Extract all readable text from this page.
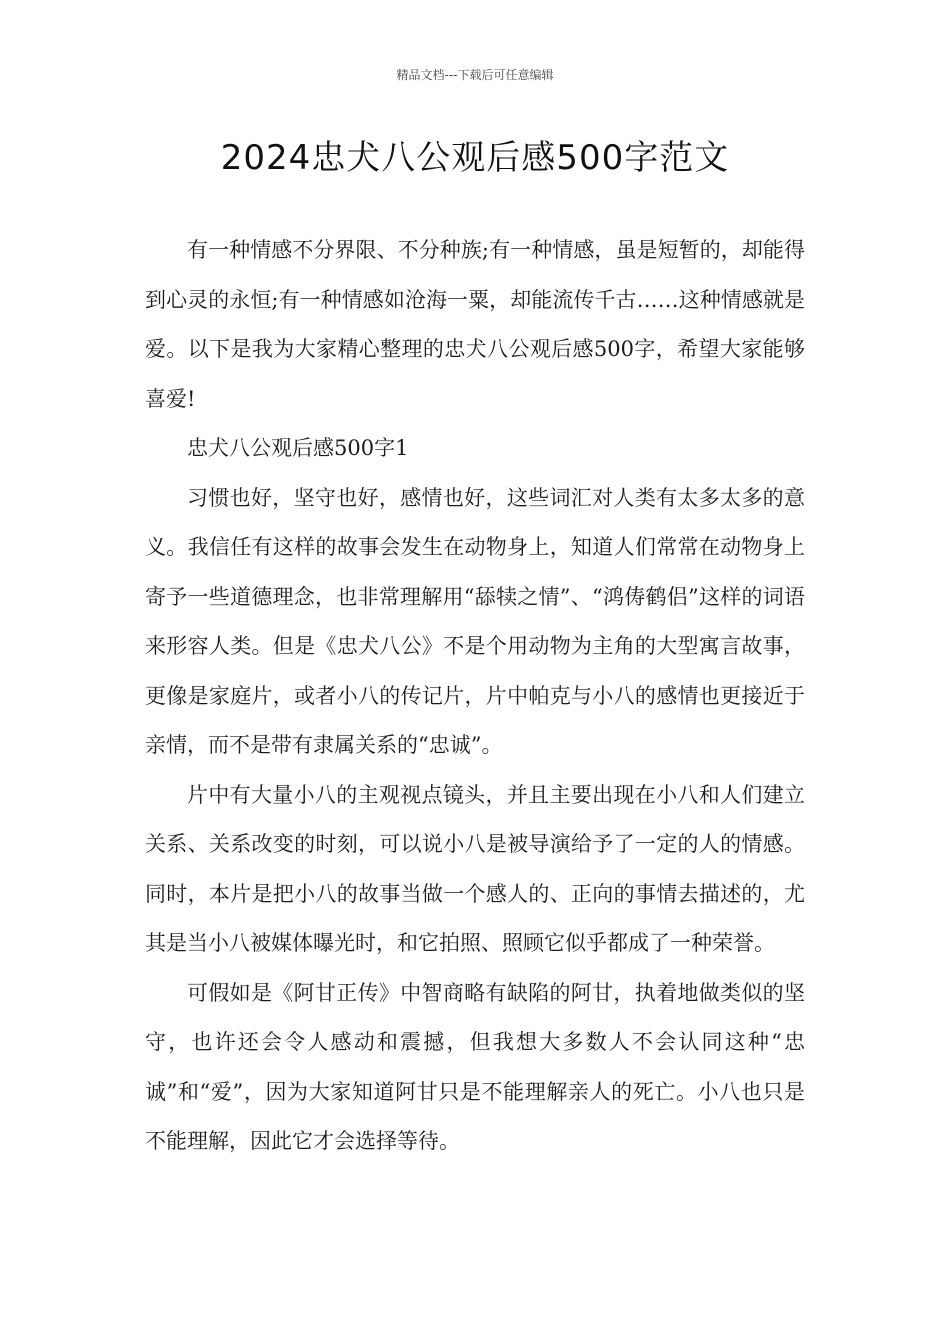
精品文档---下载后可任意编辑
2024忠犬八公观后感500字范文

有一种情感不分界限、不分种族;有一种情感，虽是短暂的，却能得到心灵的永恒;有一种情感如沧海一粟，却能流传千古……这种情感就是爱。以下是我为大家精心整理的忠犬八公观后感500字，希望大家能够喜爱!

忠犬八公观后感500字1

习惯也好，坚守也好，感情也好，这些词汇对人类有太多太多的意义。我信任有这样的故事会发生在动物身上，知道人们常常在动物身上寄予一些道德理念，也非常理解用“舔犊之情”、“鸿俦鹤侣”这样的词语来形容人类。但是《忠犬八公》不是个用动物为主角的大型寓言故事，更像是家庭片，或者小八的传记片，片中帕克与小八的感情也更接近于亲情，而不是带有隶属关系的“忠诚”。

片中有大量小八的主观视点镜头，并且主要出现在小八和人们建立关系、关系改变的时刻，可以说小八是被导演给予了一定的人的情感。同时，本片是把小八的故事当做一个感人的、正向的事情去描述的，尤其是当小八被媒体曝光时，和它拍照、照顾它似乎都成了一种荣誉。

可假如是《阿甘正传》中智商略有缺陷的阿甘，执着地做类似的坚守，也许还会令人感动和震撼，但我想大多数人不会认同这种“忠诚”和“爱”，因为大家知道阿甘只是不能理解亲人的死亡。小八也只是不能理解，因此它才会选择等待。
